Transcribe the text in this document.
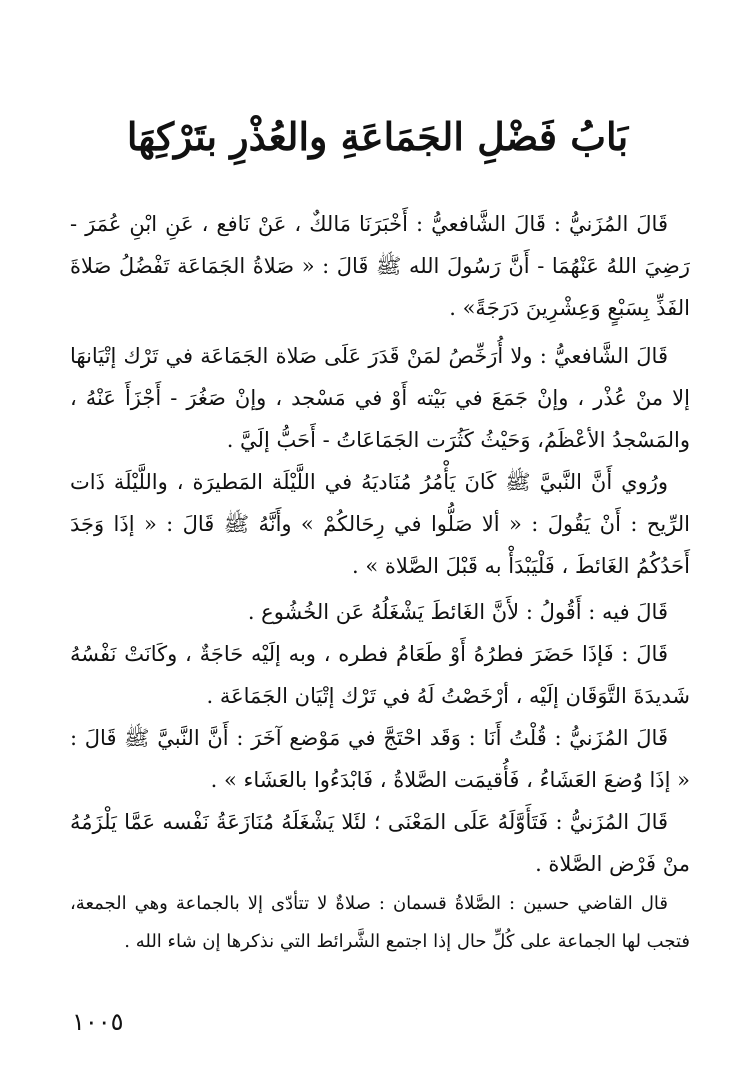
بَابُ فَضْلِ الجَمَاعَةِ والعُذْرِ بتَرْكِهَا

قَالَ المُزَنيُّ : قَالَ الشَّافعيُّ : أَخْبَرَنَا مَالكٌ ، عَنْ نَافع ، عَنِ ابْنِ عُمَرَ - رَضِيَ اللهُ عَنْهُمَا - أَنَّ رَسُولَ الله ﷺ قَالَ : « صَلاةُ الجَمَاعَة تَفْضُلُ صَلاةَ الفَذِّ بِسَبْعٍ وَعِشْرِينَ دَرَجَةً» .

قَالَ الشَّافعيُّ : ولا أُرَخِّصُ لمَنْ قَدَرَ عَلَى صَلاة الجَمَاعَة في تَرْك إتْيَانهَا إلا منْ عُذْر ، وإنْ جَمَعَ في بَيْته أَوْ في مَسْجد ، وإنْ صَغُرَ - أَجْزَأَ عَنْهُ ، والمَسْجدُ الأعْظَمُ، وَحَيْثُ كَثُرَت الجَمَاعَاتُ - أَحَبُّ إلَيَّ .

ورُوي أَنَّ النَّبيَّ ﷺ كَانَ يَأْمُرُ مُنَاديَهُ في اللَّيْلَة المَطيرَة ، واللَّيْلَة ذَات الرِّيح : أَنْ يَقُولَ : « ألا صَلُّوا في رِحَالكُمْ » وأَنَّهُ ﷺ قَالَ : « إذَا وَجَدَ أَحَدُكُمُ الغَائطَ ، فَلْيَبْدَأْ به قَبْلَ الصَّلاة » .

قَالَ فيه : أَقُولُ : لأَنَّ الغَائطَ يَشْغَلُهُ عَن الخُشُوع .

قَالَ : فَإذَا حَضَرَ فطرُهُ أَوْ طَعَامُ فطره ، وبه إلَيْه حَاجَةٌ ، وكَانَتْ نَفْسُهُ شَديدَةَ التَّوَقَان إلَيْه ، أرْخَصْتُ لَهُ في تَرْك إتْيَان الجَمَاعَة .

قَالَ المُزَنيُّ : قُلْتُ أَنَا : وَقَد احْتَجَّ في مَوْضع آخَرَ : أَنَّ النَّبيَّ ﷺ قَالَ : « إذَا وُضعَ العَشَاءُ ، فَأُقيمَت الصَّلاةُ ، فَابْدَءُوا بالعَشَاء » .

قَالَ المُزَنيُّ : فَتَأَوَّلَهُ عَلَى المَعْنَى ؛ لئَلا يَشْغَلَهُ مُنَازَعَةُ نَفْسه عَمَّا يَلْزَمُهُ منْ فَرْض الصَّلاة .

قال القاضي حسين : الصَّلاةُ قسمان : صلاةٌ لا تتأدّى إلا بالجماعة وهي الجمعة، فتجب لها الجماعة على كُلِّ حال إذا اجتمع الشَّرائط التي نذكرها إن شاء الله .

١٠٠٥
